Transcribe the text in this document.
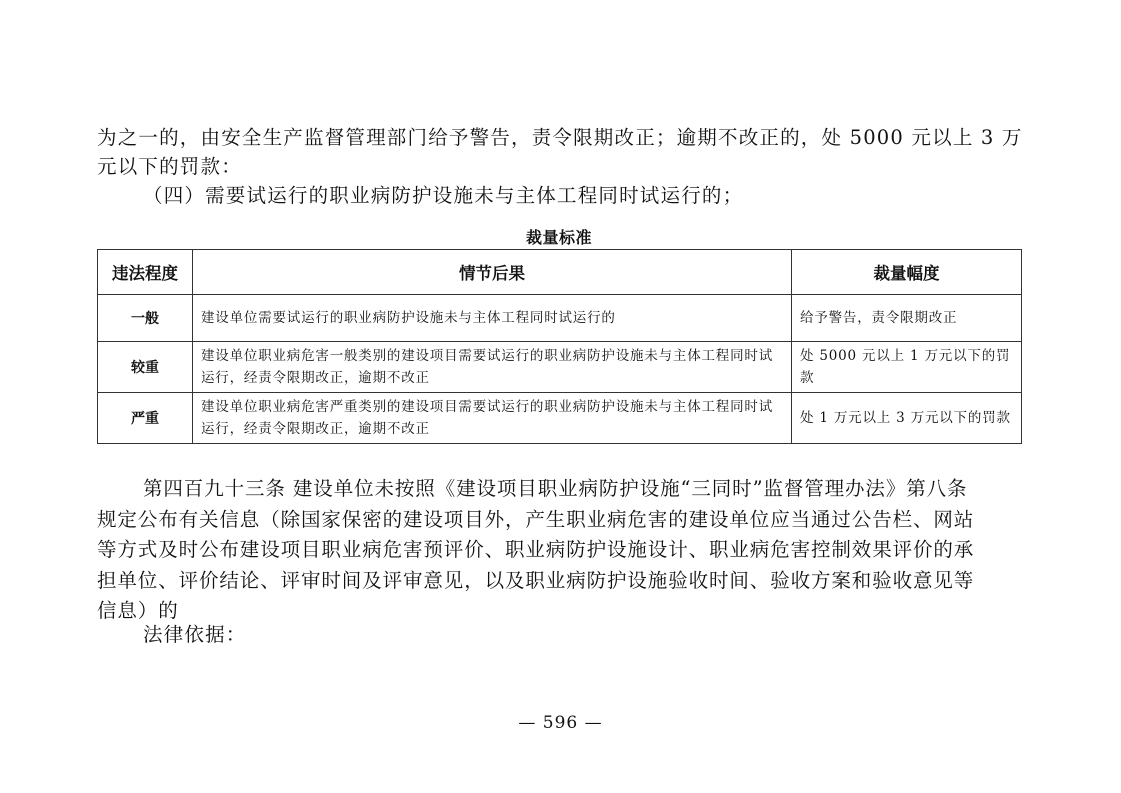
为之一的，由安全生产监督管理部门给予警告，责令限期改正；逾期不改正的，处 5000 元以上 3 万
元以下的罚款：

（四）需要试运行的职业病防护设施未与主体工程同时试运行的；

裁量标准
违法程度	情节后果	裁量幅度
一般	建设单位需要试运行的职业病防护设施未与主体工程同时试运行的	给予警告，责令限期改正
较重	建设单位职业病危害一般类别的建设项目需要试运行的职业病防护设施未与主体工程同时试运行，经责令限期改正，逾期不改正	处 5000 元以上 1 万元以下的罚款
严重	建设单位职业病危害严重类别的建设项目需要试运行的职业病防护设施未与主体工程同时试运行，经责令限期改正，逾期不改正	处 1 万元以上 3 万元以下的罚款
第四百九十三条 建设单位未按照《建设项目职业病防护设施“三同时”监督管理办法》第八条
规定公布有关信息（除国家保密的建设项目外，产生职业病危害的建设单位应当通过公告栏、网站
等方式及时公布建设项目职业病危害预评价、职业病防护设施设计、职业病危害控制效果评价的承
担单位、评价结论、评审时间及评审意见，以及职业病防护设施验收时间、验收方案和验收意见等
信息）的

法律依据：

— 596 —
